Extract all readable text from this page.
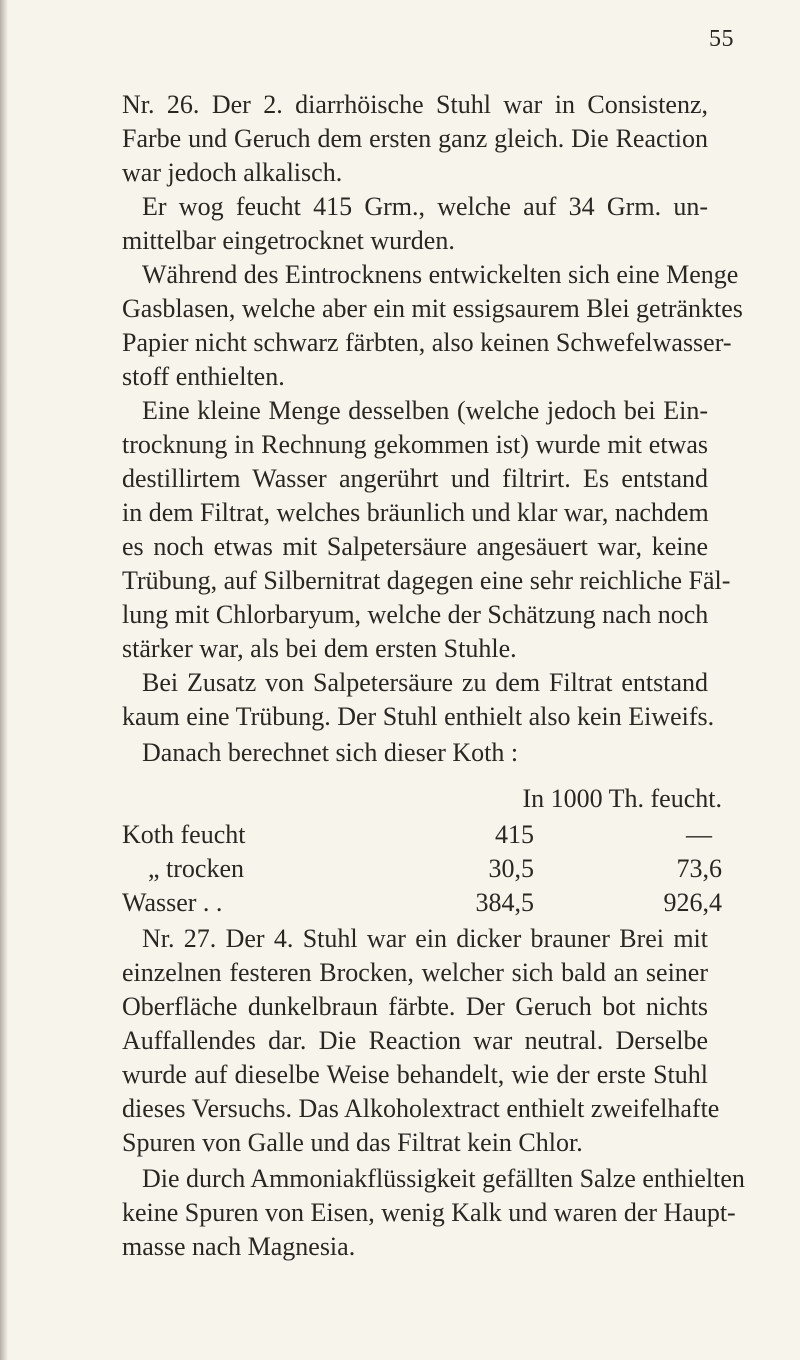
55
Nr. 26. Der 2. diarrhöische Stuhl war in Consistenz,
Farbe und Geruch dem ersten ganz gleich. Die Reaction
war jedoch alkalisch.
Er wog feucht 415 Grm., welche auf 34 Grm. un-
mittelbar eingetrocknet wurden.
Während des Eintrocknens entwickelten sich eine Menge
Gasblasen, welche aber ein mit essigsaurem Blei getränktes
Papier nicht schwarz färbten, also keinen Schwefelwasser-
stoff enthielten.
Eine kleine Menge desselben (welche jedoch bei Ein-
trocknung in Rechnung gekommen ist) wurde mit etwas
destillirtem Wasser angerührt und filtrirt. Es entstand
in dem Filtrat, welches bräunlich und klar war, nachdem
es noch etwas mit Salpetersäure angesäuert war, keine
Trübung, auf Silbernitrat dagegen eine sehr reichliche Fäl-
lung mit Chlorbaryum, welche der Schätzung nach noch
stärker war, als bei dem ersten Stuhle.
Bei Zusatz von Salpetersäure zu dem Filtrat entstand
kaum eine Trübung. Der Stuhl enthielt also kein Eiweifs.
Danach berechnet sich dieser Koth :
In 1000 Th. feucht.
Koth feucht	415	—
„ trocken	30,5	73,6
Wasser . .	384,5	926,4
Nr. 27. Der 4. Stuhl war ein dicker brauner Brei mit
einzelnen festeren Brocken, welcher sich bald an seiner
Oberfläche dunkelbraun färbte. Der Geruch bot nichts
Auffallendes dar. Die Reaction war neutral. Derselbe
wurde auf dieselbe Weise behandelt, wie der erste Stuhl
dieses Versuchs. Das Alkoholextract enthielt zweifelhafte
Spuren von Galle und das Filtrat kein Chlor.
Die durch Ammoniakflüssigkeit gefällten Salze enthielten
keine Spuren von Eisen, wenig Kalk und waren der Haupt-
masse nach Magnesia.
